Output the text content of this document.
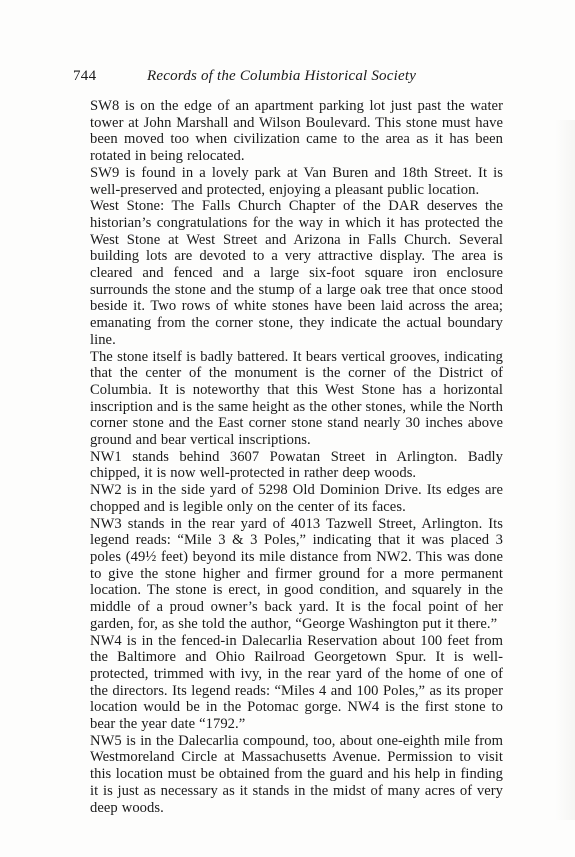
744	Records of the Columbia Historical Society

SW8 is on the edge of an apartment parking lot just past the water tower at John Marshall and Wilson Boulevard. This stone must have been moved too when civilization came to the area as it has been rotated in being relocated.

SW9 is found in a lovely park at Van Buren and 18th Street. It is well-preserved and protected, enjoying a pleasant public location.

West Stone: The Falls Church Chapter of the DAR deserves the historian’s congratulations for the way in which it has protected the West Stone at West Street and Arizona in Falls Church. Several building lots are devoted to a very attractive display. The area is cleared and fenced and a large six-foot square iron enclosure surrounds the stone and the stump of a large oak tree that once stood beside it. Two rows of white stones have been laid across the area; emanating from the corner stone, they indicate the actual boundary line.

The stone itself is badly battered. It bears vertical grooves, indicating that the center of the monument is the corner of the District of Columbia. It is noteworthy that this West Stone has a horizontal inscription and is the same height as the other stones, while the North corner stone and the East corner stone stand nearly 30 inches above ground and bear vertical inscriptions.

NW1 stands behind 3607 Powatan Street in Arlington. Badly chipped, it is now well-protected in rather deep woods.

NW2 is in the side yard of 5298 Old Dominion Drive. Its edges are chopped and is legible only on the center of its faces.

NW3 stands in the rear yard of 4013 Tazwell Street, Arlington. Its legend reads: “Mile 3 & 3 Poles,” indicating that it was placed 3 poles (49½ feet) beyond its mile distance from NW2. This was done to give the stone higher and firmer ground for a more permanent location. The stone is erect, in good condition, and squarely in the middle of a proud owner’s back yard. It is the focal point of her garden, for, as she told the author, “George Washington put it there.”

NW4 is in the fenced-in Dalecarlia Reservation about 100 feet from the Baltimore and Ohio Railroad Georgetown Spur. It is well-protected, trimmed with ivy, in the rear yard of the home of one of the directors. Its legend reads: “Miles 4 and 100 Poles,” as its proper location would be in the Potomac gorge. NW4 is the first stone to bear the year date “1792.”

NW5 is in the Dalecarlia compound, too, about one-eighth mile from Westmoreland Circle at Massachusetts Avenue. Permission to visit this location must be obtained from the guard and his help in finding it is just as necessary as it stands in the midst of many acres of very deep woods.
